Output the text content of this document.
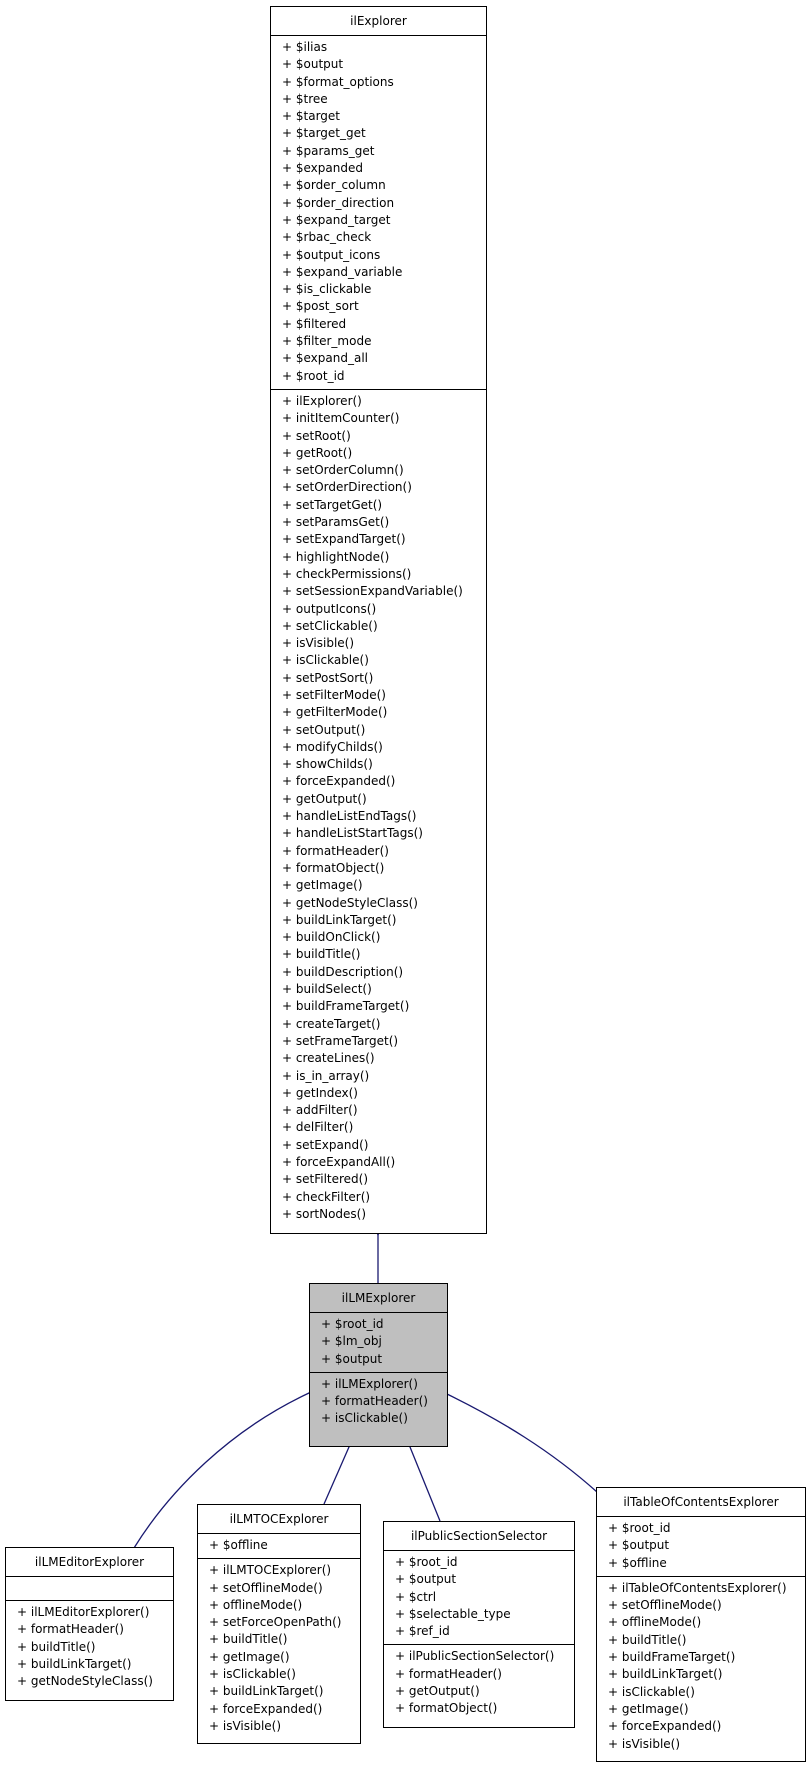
ilExplorer
+ $ilias
+ $output
+ $format_options
+ $tree
+ $target
+ $target_get
+ $params_get
+ $expanded
+ $order_column
+ $order_direction
+ $expand_target
+ $rbac_check
+ $output_icons
+ $expand_variable
+ $is_clickable
+ $post_sort
+ $filtered
+ $filter_mode
+ $expand_all
+ $root_id
+ ilExplorer()
+ initItemCounter()
+ setRoot()
+ getRoot()
+ setOrderColumn()
+ setOrderDirection()
+ setTargetGet()
+ setParamsGet()
+ setExpandTarget()
+ highlightNode()
+ checkPermissions()
+ setSessionExpandVariable()
+ outputIcons()
+ setClickable()
+ isVisible()
+ isClickable()
+ setPostSort()
+ setFilterMode()
+ getFilterMode()
+ setOutput()
+ modifyChilds()
+ showChilds()
+ forceExpanded()
+ getOutput()
+ handleListEndTags()
+ handleListStartTags()
+ formatHeader()
+ formatObject()
+ getImage()
+ getNodeStyleClass()
+ buildLinkTarget()
+ buildOnClick()
+ buildTitle()
+ buildDescription()
+ buildSelect()
+ buildFrameTarget()
+ createTarget()
+ setFrameTarget()
+ createLines()
+ is_in_array()
+ getIndex()
+ addFilter()
+ delFilter()
+ setExpand()
+ forceExpandAll()
+ setFiltered()
+ checkFilter()
+ sortNodes()
ilLMExplorer
+ $root_id
+ $lm_obj
+ $output
+ ilLMExplorer()
+ formatHeader()
+ isClickable()
ilLMEditorExplorer
+ ilLMEditorExplorer()
+ formatHeader()
+ buildTitle()
+ buildLinkTarget()
+ getNodeStyleClass()
ilLMTOCExplorer
+ $offline
+ ilLMTOCExplorer()
+ setOfflineMode()
+ offlineMode()
+ setForceOpenPath()
+ buildTitle()
+ getImage()
+ isClickable()
+ buildLinkTarget()
+ forceExpanded()
+ isVisible()
ilPublicSectionSelector
+ $root_id
+ $output
+ $ctrl
+ $selectable_type
+ $ref_id
+ ilPublicSectionSelector()
+ formatHeader()
+ getOutput()
+ formatObject()
ilTableOfContentsExplorer
+ $root_id
+ $output
+ $offline
+ ilTableOfContentsExplorer()
+ setOfflineMode()
+ offlineMode()
+ buildTitle()
+ buildFrameTarget()
+ buildLinkTarget()
+ isClickable()
+ getImage()
+ forceExpanded()
+ isVisible()
